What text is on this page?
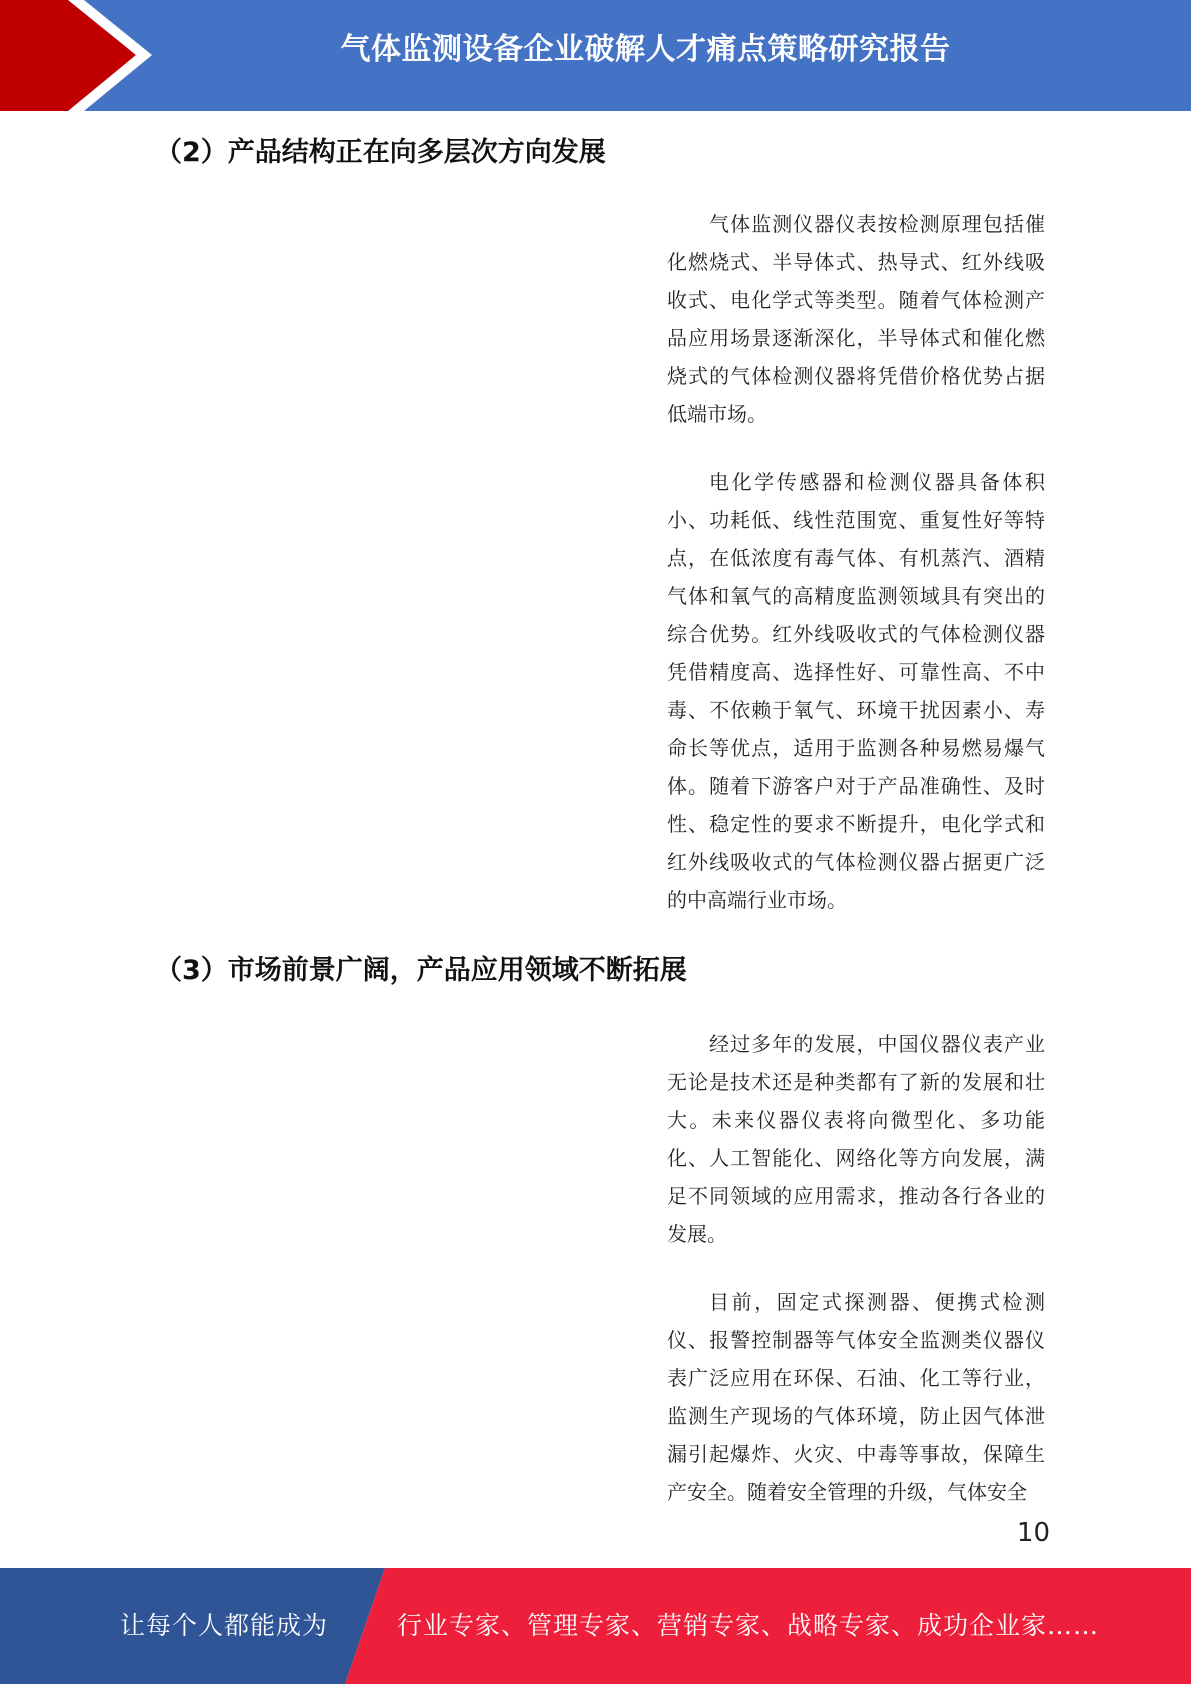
气体监测设备企业破解人才痛点策略研究报告
（2）产品结构正在向多层次方向发展

气体监测仪器仪表按检测原理包括催化燃烧式、半导体式、热导式、红外线吸收式、电化学式等类型。随着气体检测产品应用场景逐渐深化，半导体式和催化燃烧式的气体检测仪器将凭借价格优势占据低端市场。

电化学传感器和检测仪器具备体积小、功耗低、线性范围宽、重复性好等特点，在低浓度有毒气体、有机蒸汽、酒精气体和氧气的高精度监测领域具有突出的综合优势。红外线吸收式的气体检测仪器凭借精度高、选择性好、可靠性高、不中毒、不依赖于氧气、环境干扰因素小、寿命长等优点，适用于监测各种易燃易爆气体。随着下游客户对于产品准确性、及时性、稳定性的要求不断提升，电化学式和红外线吸收式的气体检测仪器占据更广泛的中高端行业市场。

（3）市场前景广阔，产品应用领域不断拓展

经过多年的发展，中国仪器仪表产业无论是技术还是种类都有了新的发展和壮大。未来仪器仪表将向微型化、多功能化、人工智能化、网络化等方向发展，满足不同领域的应用需求，推动各行各业的发展。

目前，固定式探测器、便携式检测仪、报警控制器等气体安全监测类仪器仪表广泛应用在环保、石油、化工等行业，监测生产现场的气体环境，防止因气体泄漏引起爆炸、火灾、中毒等事故，保障生产安全。随着安全管理的升级，气体安全

10
让每个人都能成为	行业专家、管理专家、营销专家、战略专家、成功企业家……
